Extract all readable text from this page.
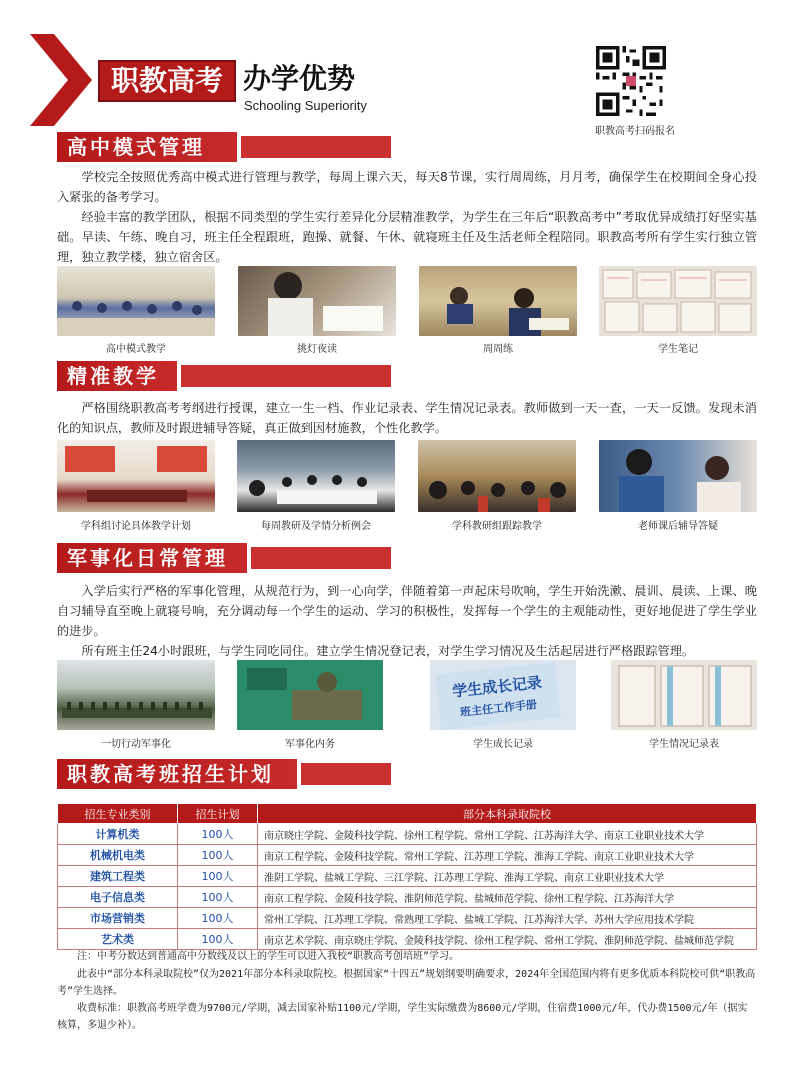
职教高考 办学优势
Schooling Superiority
职教高考扫码报名
高中模式管理
学校完全按照优秀高中模式进行管理与教学，每周上课六天，每天8节课，实行周周练，月月考，确保学生在校期间全身心投入紧张的备考学习。
经验丰富的教学团队，根据不同类型的学生实行差异化分层精准教学，为学生在三年后“职教高考中”考取优异成绩打好坚实基础。早读、午练、晚自习，班主任全程跟班，跑操、就餐、午休、就寝班主任及生活老师全程陪同。职教高考所有学生实行独立管理，独立教学楼，独立宿舍区。
高中模式教学	挑灯夜读	周周练	学生笔记
精准教学
严格围绕职教高考考纲进行授课，建立一生一档、作业记录表、学生情况记录表。教师做到一天一查，一天一反馈。发现未消化的知识点，教师及时跟进辅导答疑，真正做到因材施教，个性化教学。
学科组讨论具体教学计划	每周教研及学情分析例会	学科教研组跟踪教学	老师课后辅导答疑
军事化日常管理
入学后实行严格的军事化管理，从规范行为，到一心向学，伴随着第一声起床号吹响，学生开始洗漱、晨训、晨读、上课、晚自习辅导直至晚上就寝号响，充分调动每一个学生的运动、学习的积极性，发挥每一个学生的主观能动性，更好地促进了学生学业的进步。
所有班主任24小时跟班，与学生同吃同住。建立学生情况登记表，对学生学习情况及生活起居进行严格跟踪管理。
一切行动军事化	军事化内务
学生成长记录
班主任工作手册
学生成长记录	学生情况记录表
职教高考班招生计划
招生专业类别	招生计划	部分本科录取院校
计算机类	100人	南京晓庄学院、金陵科技学院、徐州工程学院、常州工学院、江苏海洋大学、南京工业职业技术大学
机械机电类	100人	南京工程学院、金陵科技学院、常州工学院、江苏理工学院、淮海工学院、南京工业职业技术大学
建筑工程类	100人	淮阴工学院、盐城工学院、三江学院、江苏理工学院、淮海工学院、南京工业职业技术大学
电子信息类	100人	南京工程学院、金陵科技学院、淮阴师范学院、盐城师范学院、徐州工程学院、江苏海洋大学
市场营销类	100人	常州工学院、江苏理工学院、常熟理工学院、盐城工学院、江苏海洋大学、苏州大学应用技术学院
艺术类	100人	南京艺术学院、南京晓庄学院、金陵科技学院、徐州工程学院、常州工学院、淮阴师范学院、盐城师范学院
注：中考分数达到普通高中分数线及以上的学生可以进入我校“职教高考创培班”学习。
此表中“部分本科录取院校”仅为2021年部分本科录取院校。根据国家“十四五”规划纲要明确要求，2024年全国范围内将有更多优质本科院校可供“职教高考”学生选择。
收费标准：职教高考班学费为9700元/学期，减去国家补贴1100元/学期，学生实际缴费为8600元/学期，住宿费1000元/年，代办费1500元/年（据实核算，多退少补）。
